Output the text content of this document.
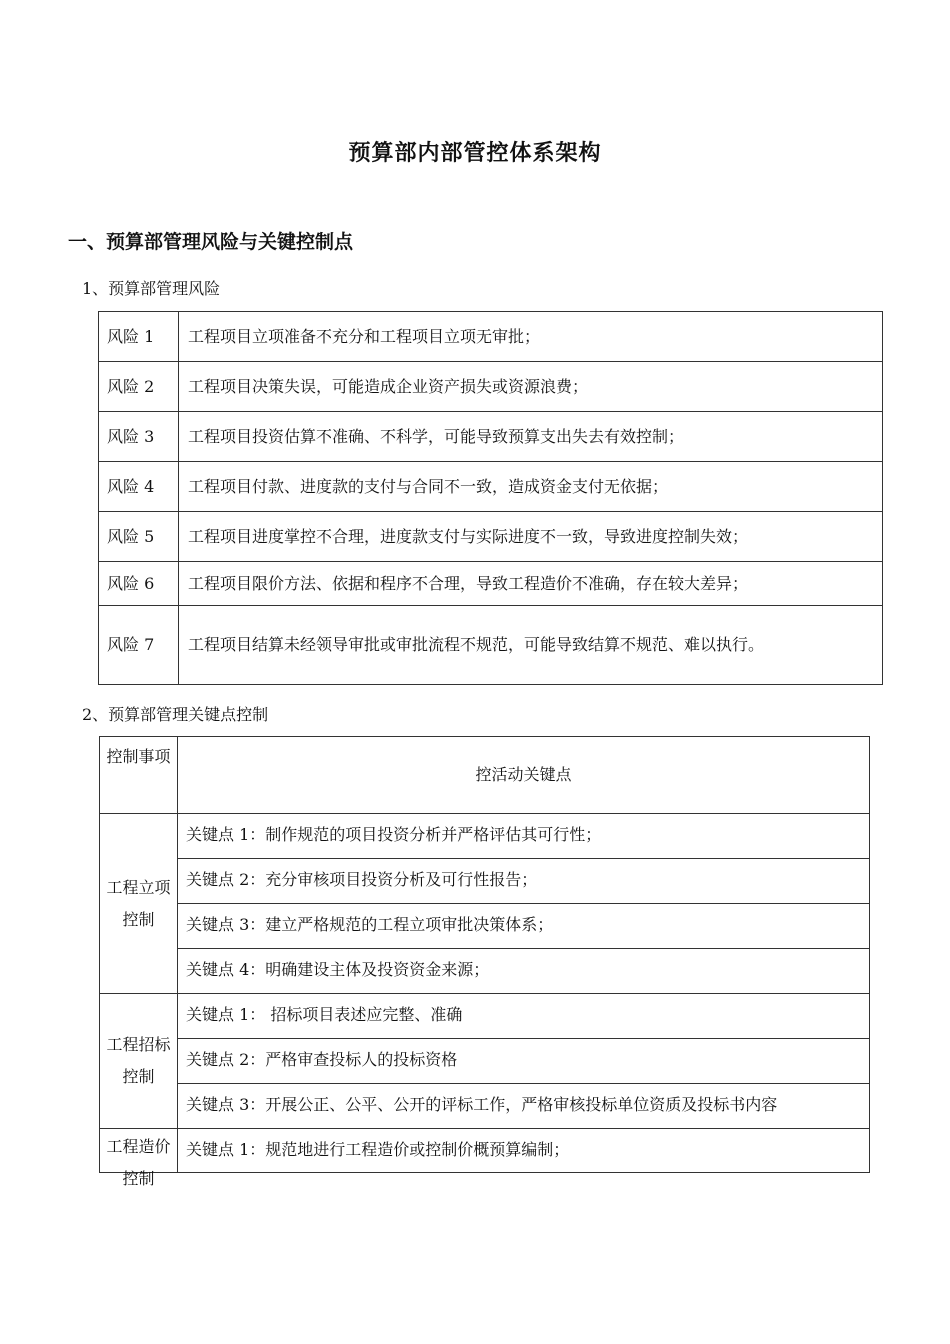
预算部内部管控体系架构
一、预算部管理风险与关键控制点
1、预算部管理风险
风险 1	工程项目立项准备不充分和工程项目立项无审批；
风险 2	工程项目决策失误，可能造成企业资产损失或资源浪费；
风险 3	工程项目投资估算不准确、不科学，可能导致预算支出失去有效控制；
风险 4	工程项目付款、进度款的支付与合同不一致，造成资金支付无依据；
风险 5	工程项目进度掌控不合理，进度款支付与实际进度不一致，导致进度控制失效；
风险 6	工程项目限价方法、依据和程序不合理，导致工程造价不准确，存在较大差异；
风险 7	工程项目结算未经领导审批或审批流程不规范，可能导致结算不规范、难以执行。
2、预算部管理关键点控制
控制事项	控活动关键点
工程立项控制	关键点 1：制作规范的项目投资分析并严格评估其可行性；
	关键点 2：充分审核项目投资分析及可行性报告；
	关键点 3：建立严格规范的工程立项审批决策体系；
	关键点 4：明确建设主体及投资资金来源；
工程招标控制	关键点 1： 招标项目表述应完整、准确
	关键点 2：严格审查投标人的投标资格

	关键点 3：开展公正、公平、公开的评标工作，严格审核投标单位资质及投标书内容

工程造价控制	关键点 1：规范地进行工程造价或控制价概预算编制；
